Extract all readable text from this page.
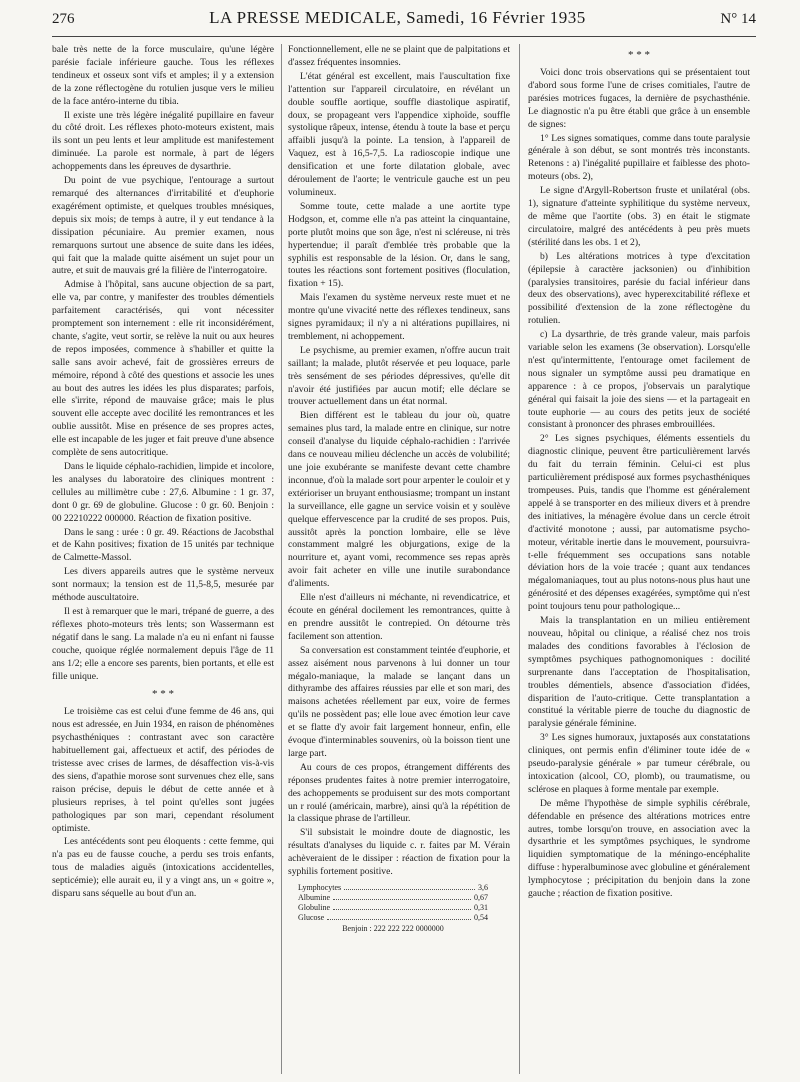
276	LA PRESSE MEDICALE, Samedi, 16 Février 1935	N° 14

bale très nette de la force musculaire, qu'une légère parésie faciale inférieure gauche. Tous les réflexes tendineux et osseux sont vifs et amples; il y a extension de la zone réflectogène du rotulien jusque vers le milieu de la face antéro-interne du tibia.

Il existe une très légère inégalité pupillaire en faveur du côté droit. Les réflexes photo-moteurs existent, mais ils sont un peu lents et leur amplitude est manifestement diminuée. La parole est normale, à part de légers achoppements dans les épreuves de dysarthrie.

Du point de vue psychique, l'entourage a surtout remarqué des alternances d'irritabilité et d'euphorie exagérément optimiste, et quelques troubles mnésiques, depuis six mois; de temps à autre, il y eut tendance à la dissipation pécuniaire. Au premier examen, nous remarquons surtout une absence de suite dans les idées, qui fait que la malade quitte aisément un sujet pour un autre, et suit de mauvais gré la filière de l'interrogatoire.

Admise à l'hôpital, sans aucune objection de sa part, elle va, par contre, y manifester des troubles démentiels parfaitement caractérisés, qui vont nécessiter promptement son internement : elle rit inconsidérément, chante, s'agite, veut sortir, se relève la nuit ou aux heures de repos imposées, commence à s'habiller et quitte la salle sans avoir achevé, fait de grossières erreurs de mémoire, répond à côté des questions et associe les unes au bout des autres les idées les plus disparates; parfois, elle s'irrite, répond de mauvaise grâce; mais le plus souvent elle accepte avec docilité les remontrances et les oublie aussitôt. Mise en présence de ses propres actes, elle est incapable de les juger et fait preuve d'une absence complète de sens autocritique.

Dans le liquide céphalo-rachidien, limpide et incolore, les analyses du laboratoire des cliniques montrent : cellules au millimètre cube : 27,6. Albumine : 1 gr. 37, dont 0 gr. 69 de globuline. Glucose : 0 gr. 60. Benjoin : 00 22210222 000000. Réaction de fixation positive.

Dans le sang : urée : 0 gr. 49. Réactions de Jacobsthal et de Kahn positives; fixation de 15 unités par technique de Calmette-Massol.

Les divers appareils autres que le système nerveux sont normaux; la tension est de 11,5-8,5, mesurée par méthode auscultatoire.

Il est à remarquer que le mari, trépané de guerre, a des réflexes photo-moteurs très lents; son Wassermann est négatif dans le sang. La malade n'a eu ni enfant ni fausse couche, quoique réglée normalement depuis l'âge de 11 ans 1/2; elle a encore ses parents, bien portants, et elle est fille unique.

* * *

Le troisième cas est celui d'une femme de 46 ans, qui nous est adressée, en Juin 1934, en raison de phénomènes psychasthéniques : contrastant avec son caractère habituellement gai, affectueux et actif, des périodes de tristesse avec crises de larmes, de désaffection vis-à-vis des siens, d'apathie morose sont survenues chez elle, sans raison précise, depuis le début de cette année et à plusieurs reprises, à tel point qu'elles sont jugées pathologiques par son mari, cependant résolument optimiste.

Les antécédents sont peu éloquents : cette femme, qui n'a pas eu de fausse couche, a perdu ses trois enfants, tous de maladies aiguës (intoxications accidentelles, septicémie); elle aurait eu, il y a vingt ans, un « goitre », disparu sans séquelle au bout d'un an.

Fonctionnellement, elle ne se plaint que de palpitations et d'assez fréquentes insomnies.

L'état général est excellent, mais l'auscultation fixe l'attention sur l'appareil circulatoire, en révélant un double souffle aortique, souffle diastolique aspiratif, doux, se propageant vers l'appendice xiphoïde, souffle systolique râpeux, intense, étendu à toute la base et perçu affaibli jusqu'à la pointe. La tension, à l'appareil de Vaquez, est à 16,5-7,5. La radioscopie indique une densification et une forte dilatation globale, avec déroulement de l'aorte; le ventricule gauche est un peu volumineux.

Somme toute, cette malade a une aortite type Hodgson, et, comme elle n'a pas atteint la cinquantaine, porte plutôt moins que son âge, n'est ni scléreuse, ni très hypertendue; il paraît d'emblée très probable que la syphilis est responsable de la lésion. Or, dans le sang, toutes les réactions sont fortement positives (floculation, fixation + 15).

Mais l'examen du système nerveux reste muet et ne montre qu'une vivacité nette des réflexes tendineux, sans signes pyramidaux; il n'y a ni altérations pupillaires, ni tremblement, ni achoppement.

Le psychisme, au premier examen, n'offre aucun trait saillant; la malade, plutôt réservée et peu loquace, parle très sensément de ses périodes dépressives, qu'elle dit n'avoir été justifiées par aucun motif; elle déclare se trouver actuellement dans un état normal.

Bien différent est le tableau du jour où, quatre semaines plus tard, la malade entre en clinique, sur notre conseil d'analyse du liquide céphalo-rachidien : l'arrivée dans ce nouveau milieu déclenche un accès de volubilité; une joie exubérante se manifeste devant cette chambre inconnue, d'où la malade sort pour arpenter le couloir et y extérioriser un bruyant enthousiasme; trompant un instant la surveillance, elle gagne un service voisin et y soulève quelque effervescence par la crudité de ses propos. Puis, aussitôt après la ponction lombaire, elle se lève constamment malgré les objurgations, exige de la nourriture et, ayant vomi, recommence ses repas après avoir fait acheter en ville une inutile surabondance d'aliments.

Elle n'est d'ailleurs ni méchante, ni revendicatrice, et écoute en général docilement les remontrances, quitte à en prendre aussitôt le contrepied. On détourne très facilement son attention.

Sa conversation est constamment teintée d'euphorie, et assez aisément nous parvenons à lui donner un tour mégalo-maniaque, la malade se lançant dans un dithyrambe des affaires réussies par elle et son mari, des maisons achetées réellement par eux, voire de fermes qu'ils ne possèdent pas; elle loue avec émotion leur cave et se flatte d'y avoir fait largement honneur, enfin, elle évoque d'interminables souvenirs, où la boisson tient une large part.

Au cours de ces propos, étrangement différents des réponses prudentes faites à notre premier interrogatoire, des achoppements se produisent sur des mots comportant un r roulé (américain, marbre), ainsi qu'à la répétition de la classique phrase de l'artilleur.

S'il subsistait le moindre doute de diagnostic, les résultats d'analyses du liquide c. r. faites par M. Vérain achèveraient de le dissiper : réaction de fixation pour la syphilis fortement positive.

Lymphocytes	3,6
Albumine	0,67
Globuline	0,31
Glucose	0,54
Benjoin : 222 222 222 0000000
* * *

Voici donc trois observations qui se présentaient tout d'abord sous forme l'une de crises comitiales, l'autre de parésies motrices fugaces, la dernière de psychasthénie. Le diagnostic n'a pu être établi que grâce à un ensemble de signes:

1° Les signes somatiques, comme dans toute paralysie générale à son début, se sont montrés très inconstants. Retenons : a) l'inégalité pupillaire et faiblesse des photo-moteurs (obs. 2),

Le signe d'Argyll-Robertson fruste et unilatéral (obs. 1), signature d'atteinte syphilitique du système nerveux, de même que l'aortite (obs. 3) en était le stigmate circulatoire, malgré des antécédents à peu près muets (stérilité dans les obs. 1 et 2),

b) Les altérations motrices à type d'excitation (épilepsie à caractère jacksonien) ou d'inhibition (paralysies transitoires, parésie du facial inférieur dans deux des observations), avec hyperexcitabilité réflexe et possibilité d'extension de la zone réflectogène du rotulien.

c) La dysarthrie, de très grande valeur, mais parfois variable selon les examens (3e observation). Lorsqu'elle n'est qu'intermittente, l'entourage omet facilement de nous signaler un symptôme aussi peu dramatique en apparence : à ce propos, j'observais un paralytique général qui faisait la joie des siens — et la partageait en toute euphorie — au cours des petits jeux de société consistant à prononcer des phrases embrouillées.

2° Les signes psychiques, éléments essentiels du diagnostic clinique, peuvent être particulièrement larvés du fait du terrain féminin. Celui-ci est plus particulièrement prédisposé aux formes psychasthéniques trompeuses. Puis, tandis que l'homme est généralement appelé à se transporter en des milieux divers et à prendre des initiatives, la ménagère évolue dans un cercle étroit d'activité monotone ; aussi, par automatisme psycho-moteur, véritable inertie dans le mouvement, poursuivra-t-elle fréquemment ses occupations sans notable déviation hors de la voie tracée ; quant aux tendances mégalomaniaques, tout au plus notons-nous plus haut une générosité et des dépenses exagérées, symptôme qui n'est point toujours tenu pour pathologique...

Mais la transplantation en un milieu entièrement nouveau, hôpital ou clinique, a réalisé chez nos trois malades des conditions favorables à l'éclosion de symptômes psychiques pathognomoniques : docilité surprenante dans l'acceptation de l'hospitalisation, troubles démentiels, absence d'association d'idées, disparition de l'auto-critique. Cette transplantation a constitué la véritable pierre de touche du diagnostic de paralysie générale féminine.

3° Les signes humoraux, juxtaposés aux constatations cliniques, ont permis enfin d'éliminer toute idée de « pseudo-paralysie générale » par tumeur cérébrale, ou intoxication (alcool, CO, plomb), ou traumatisme, ou sclérose en plaques à forme mentale par exemple.

De même l'hypothèse de simple syphilis cérébrale, défendable en présence des altérations motrices entre autres, tombe lorsqu'on trouve, en association avec la dysarthrie et les symptômes psychiques, le syndrome liquidien symptomatique de la méningo-encéphalite diffuse : hyperalbuminose avec globuline et généralement lymphocytose ; précipitation du benjoin dans la zone gauche ; réaction de fixation positive.
